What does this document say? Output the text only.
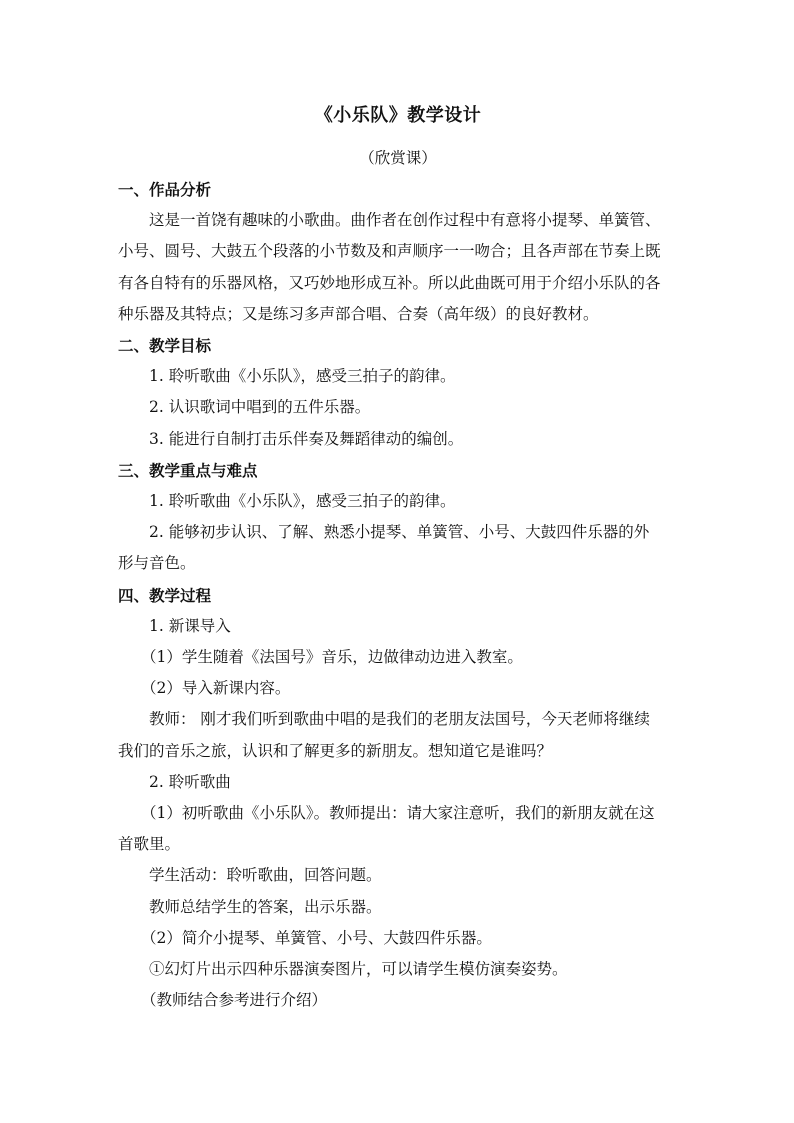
《小乐队》教学设计

（欣赏课）

一、作品分析

这是一首饶有趣味的小歌曲。曲作者在创作过程中有意将小提琴、单簧管、

小号、圆号、大鼓五个段落的小节数及和声顺序一一吻合；且各声部在节奏上既

有各自特有的乐器风格，又巧妙地形成互补。所以此曲既可用于介绍小乐队的各

种乐器及其特点；又是练习多声部合唱、合奏（高年级）的良好教材。

二、教学目标

1. 聆听歌曲《小乐队》，感受三拍子的韵律。

2. 认识歌词中唱到的五件乐器。

3. 能进行自制打击乐伴奏及舞蹈律动的编创。

三、教学重点与难点

1. 聆听歌曲《小乐队》，感受三拍子的韵律。

2. 能够初步认识、了解、熟悉小提琴、单簧管、小号、大鼓四件乐器的外

形与音色。

四、教学过程

1. 新课导入

（1）学生随着《法国号》音乐，边做律动边进入教室。

（2）导入新课内容。

教师： 刚才我们听到歌曲中唱的是我们的老朋友法国号，今天老师将继续

我们的音乐之旅，认识和了解更多的新朋友。想知道它是谁吗？

2. 聆听歌曲

（1）初听歌曲《小乐队》。教师提出：请大家注意听，我们的新朋友就在这

首歌里。

学生活动：聆听歌曲，回答问题。

教师总结学生的答案，出示乐器。

（2）简介小提琴、单簧管、小号、大鼓四件乐器。

①幻灯片出示四种乐器演奏图片，可以请学生模仿演奏姿势。

（教师结合参考进行介绍）
